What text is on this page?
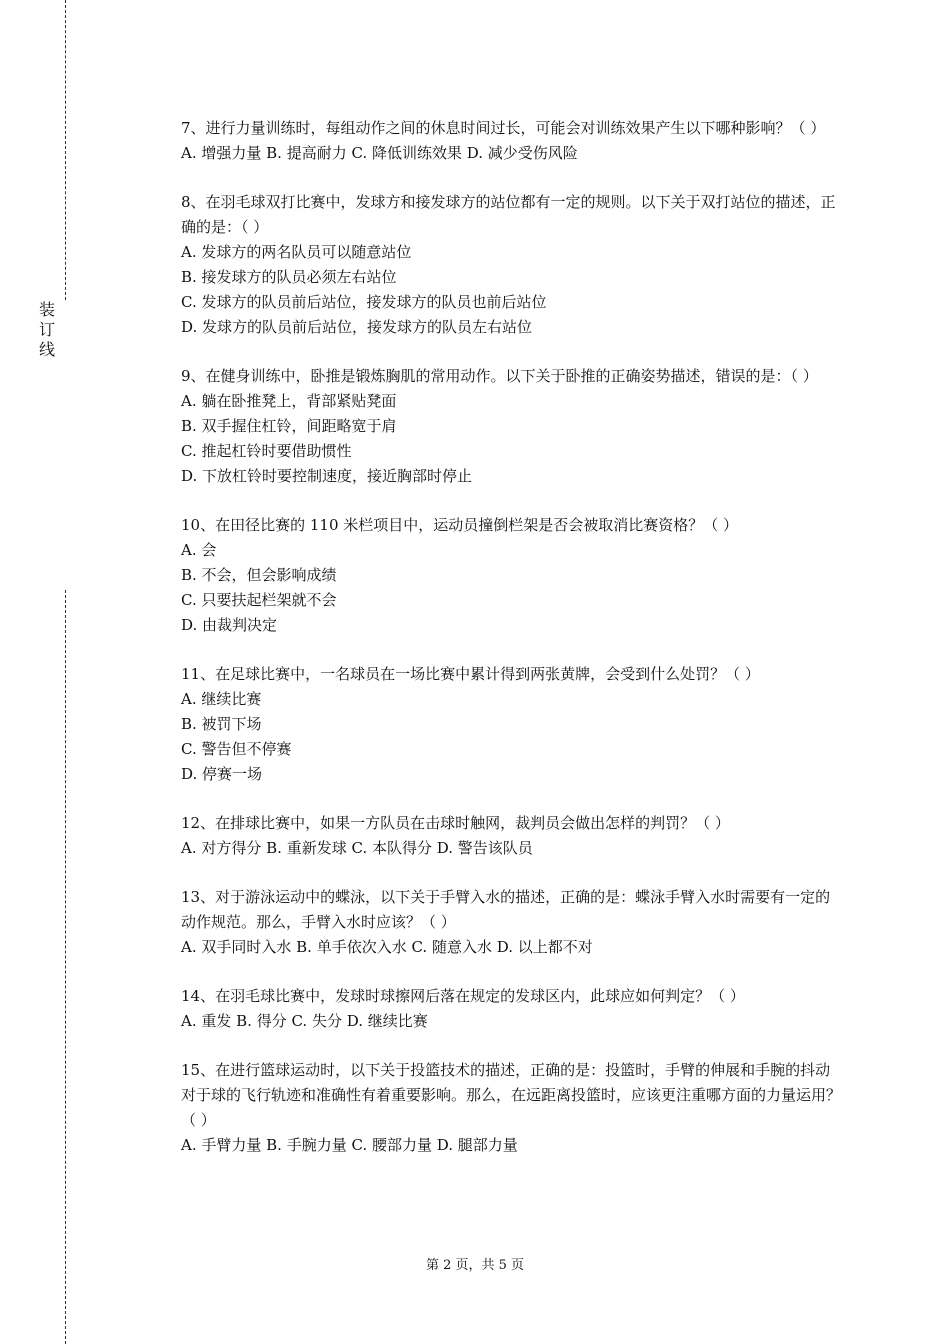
装
订
线
7、进行力量训练时，每组动作之间的休息时间过长，可能会对训练效果产生以下哪种影响？（ ）
A. 增强力量 B. 提高耐力 C. 降低训练效果 D. 减少受伤风险
8、在羽毛球双打比赛中，发球方和接发球方的站位都有一定的规则。以下关于双打站位的描述，正确的是：（ ）
A. 发球方的两名队员可以随意站位
B. 接发球方的队员必须左右站位
C. 发球方的队员前后站位，接发球方的队员也前后站位
D. 发球方的队员前后站位，接发球方的队员左右站位
9、在健身训练中，卧推是锻炼胸肌的常用动作。以下关于卧推的正确姿势描述，错误的是：（ ）
A. 躺在卧推凳上，背部紧贴凳面
B. 双手握住杠铃，间距略宽于肩
C. 推起杠铃时要借助惯性
D. 下放杠铃时要控制速度，接近胸部时停止
10、在田径比赛的 110 米栏项目中，运动员撞倒栏架是否会被取消比赛资格？（ ）
A. 会
B. 不会，但会影响成绩
C. 只要扶起栏架就不会
D. 由裁判决定
11、在足球比赛中，一名球员在一场比赛中累计得到两张黄牌，会受到什么处罚？（ ）
A. 继续比赛
B. 被罚下场
C. 警告但不停赛
D. 停赛一场
12、在排球比赛中，如果一方队员在击球时触网，裁判员会做出怎样的判罚？（ ）
A. 对方得分 B. 重新发球 C. 本队得分 D. 警告该队员
13、对于游泳运动中的蝶泳，以下关于手臂入水的描述，正确的是：蝶泳手臂入水时需要有一定的动作规范。那么，手臂入水时应该？（ ）
A. 双手同时入水 B. 单手依次入水 C. 随意入水 D. 以上都不对
14、在羽毛球比赛中，发球时球擦网后落在规定的发球区内，此球应如何判定？（ ）
A. 重发 B. 得分 C. 失分 D. 继续比赛
15、在进行篮球运动时，以下关于投篮技术的描述，正确的是：投篮时，手臂的伸展和手腕的抖动对于球的飞行轨迹和准确性有着重要影响。那么，在远距离投篮时，应该更注重哪方面的力量运用？（ ）
A. 手臂力量 B. 手腕力量 C. 腰部力量 D. 腿部力量
第 2 页，共 5 页
